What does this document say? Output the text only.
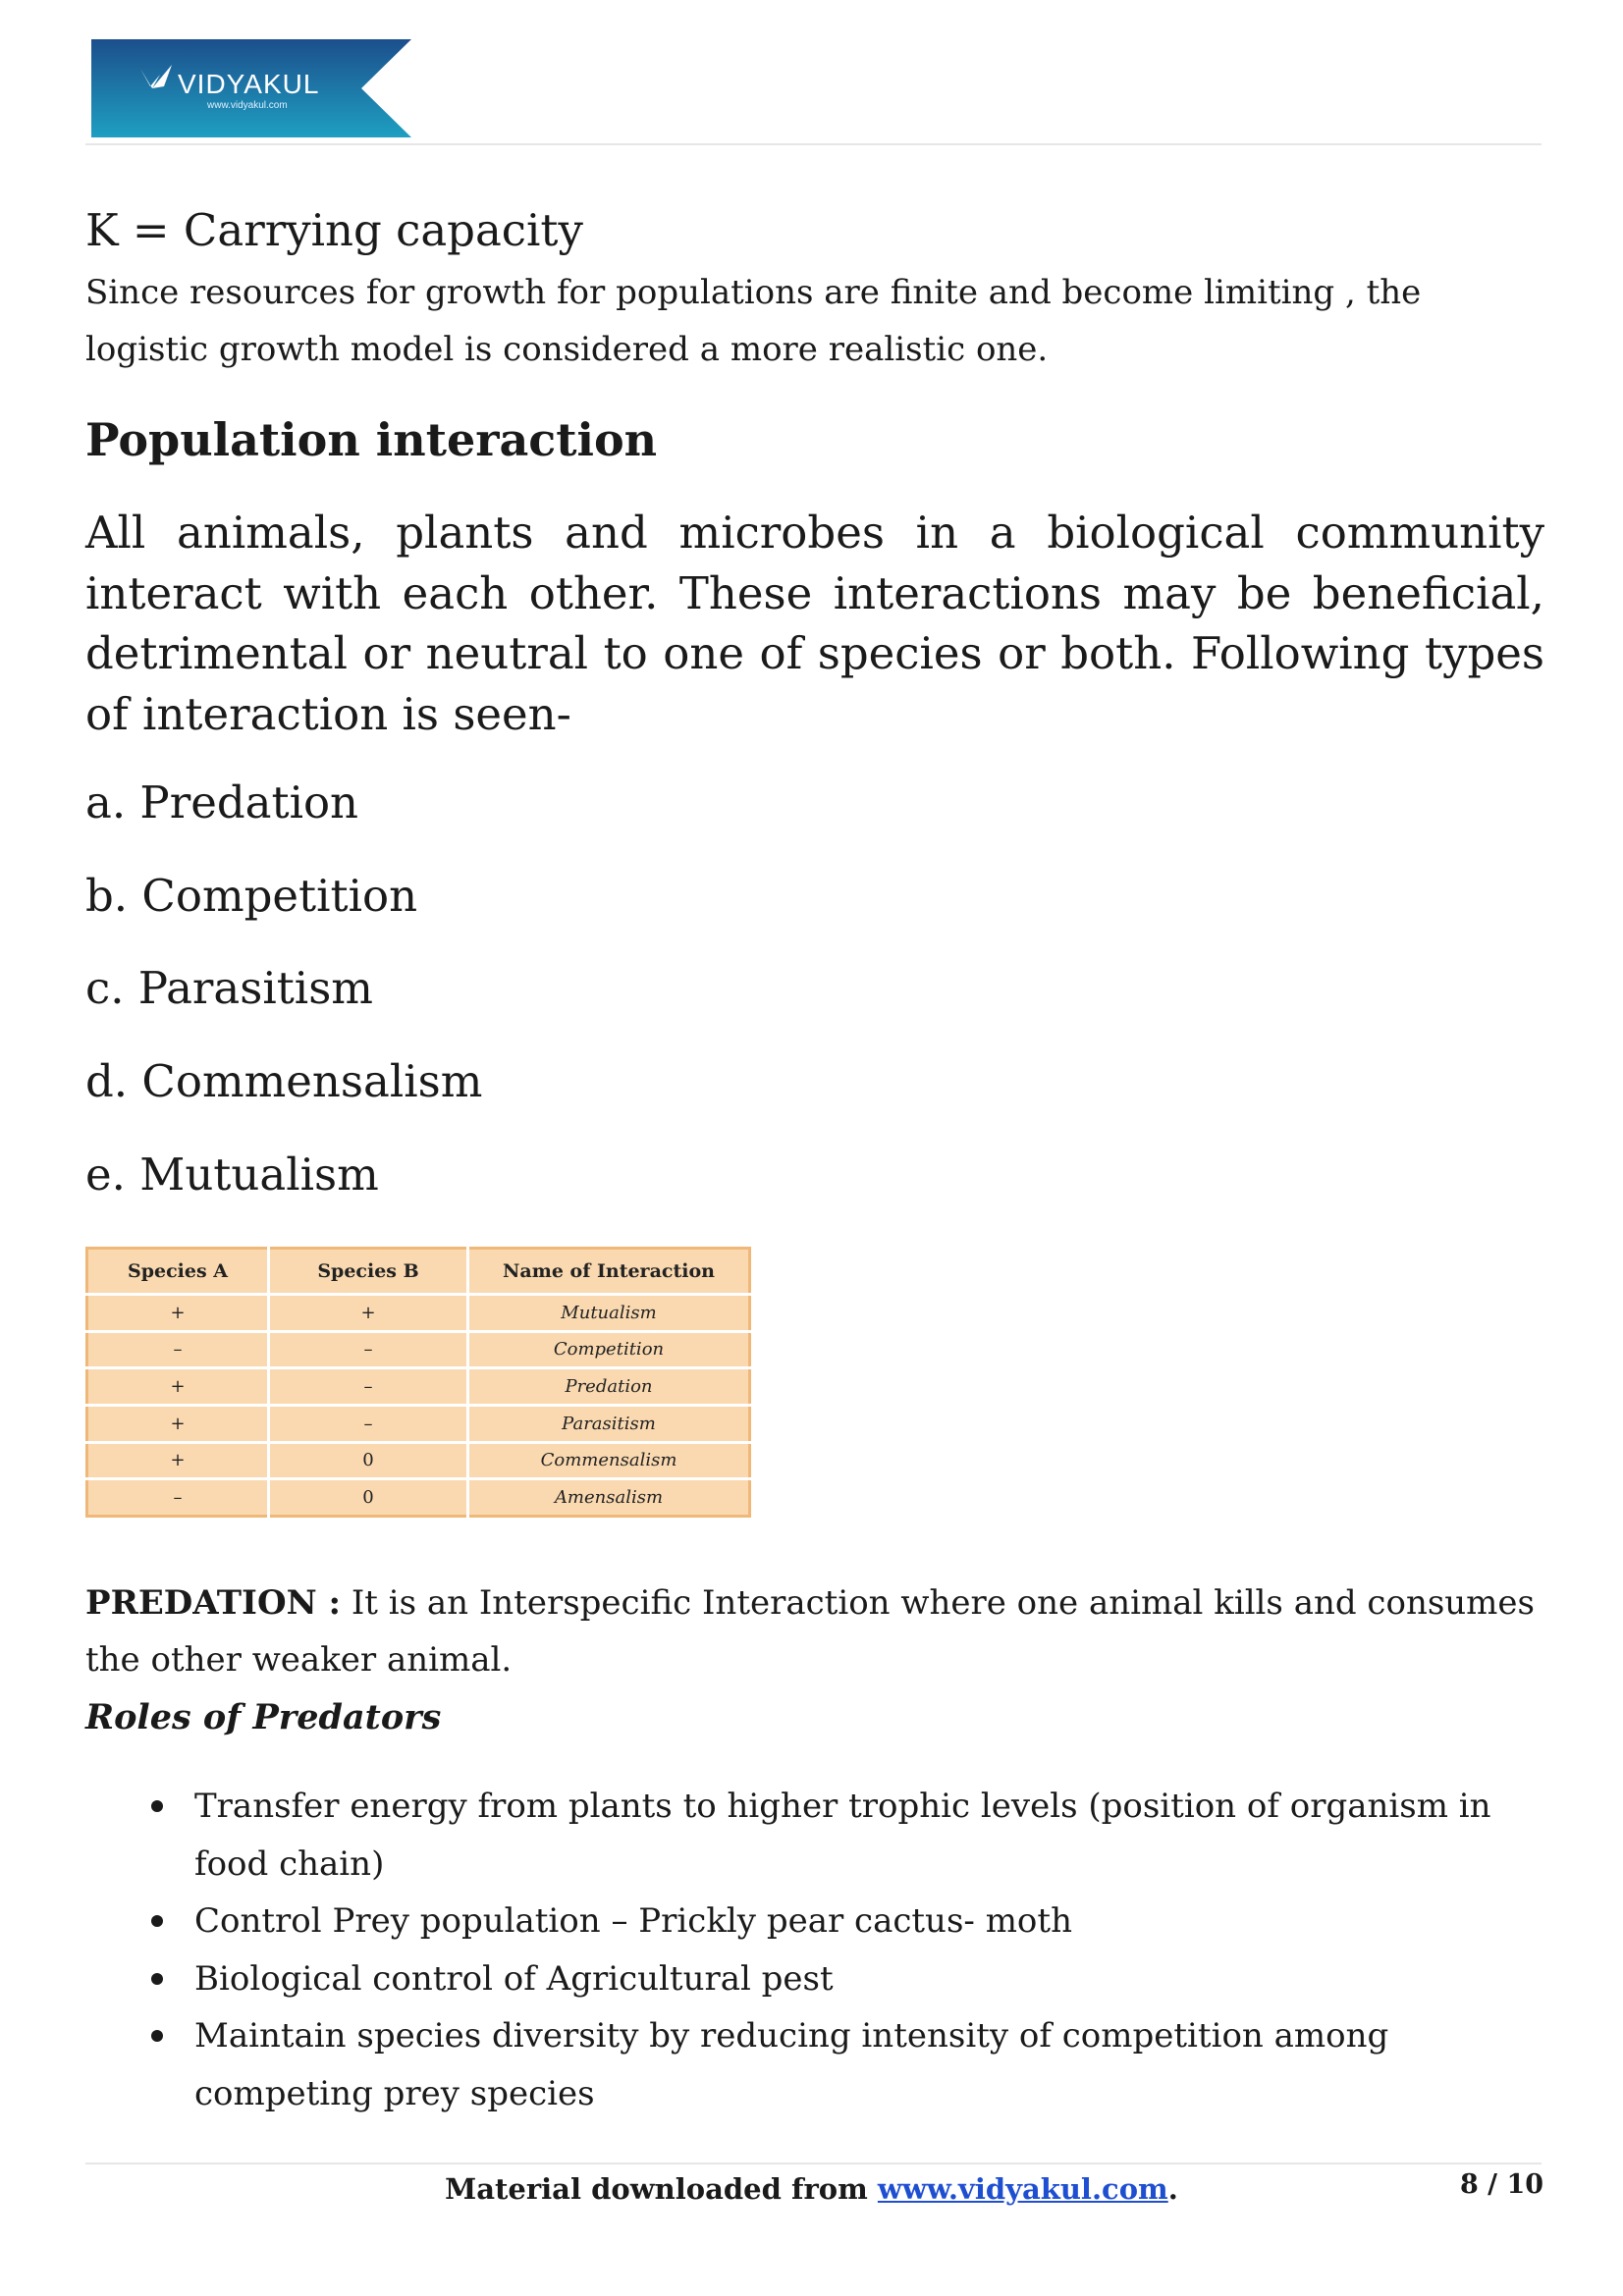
VIDYAKUL
www.vidyakul.com
K = Carrying capacity
Since resources for growth for populations are finite and become limiting , the logistic growth model is considered a more realistic one.
Population interaction
All animals, plants and microbes in a biological community interact with each other. These interactions may be beneficial, detrimental or neutral to one of species or both. Following types of interaction is seen-
a. Predation
b. Competition
c. Parasitism
d. Commensalism
e. Mutualism
Species A	Species B	Name of Interaction
+	+	Mutualism
–	–	Competition
+	–	Predation
+	–	Parasitism
+	0	Commensalism
–	0	Amensalism
PREDATION : It is an Interspecific Interaction where one animal kills and consumes the other weaker animal.
Roles of Predators
Transfer energy from plants to higher trophic levels (position of organism in food chain)
Control Prey population – Prickly pear cactus- moth
Biological control of Agricultural pest
Maintain species diversity by reducing intensity of competition among competing prey species
Material downloaded from www.vidyakul.com.	8 / 10
